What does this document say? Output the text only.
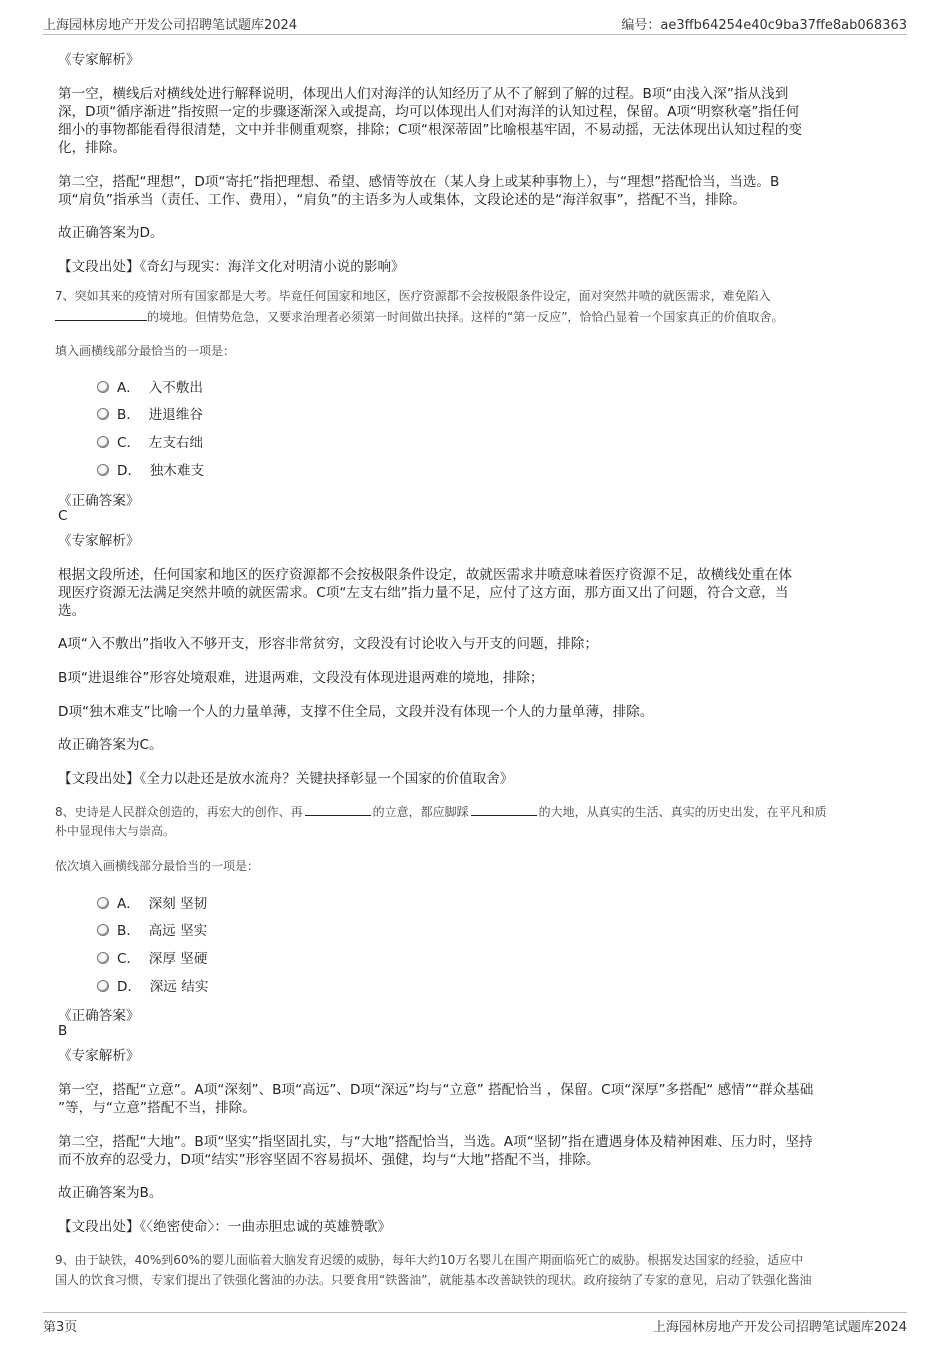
上海园林房地产开发公司招聘笔试题库2024	编号：ae3ffb64254e40c9ba37ffe8ab068363
《专家解析》
第一空，横线后对横线处进行解释说明，体现出人们对海洋的认知经历了从不了解到了解的过程。B项“由浅入深”指从浅到
深，D项“循序渐进”指按照一定的步骤逐渐深入或提高，均可以体现出人们对海洋的认知过程，保留。A项“明察秋毫”指任何
细小的事物都能看得很清楚，文中并非侧重观察，排除；C项“根深蒂固”比喻根基牢固，不易动摇，无法体现出认知过程的变
化，排除。
第二空，搭配“理想”，D项“寄托”指把理想、希望、感情等放在（某人身上或某种事物上），与“理想”搭配恰当，当选。B
项“肩负”指承当（责任、工作、费用），“肩负”的主语多为人或集体，文段论述的是“海洋叙事”，搭配不当，排除。
故正确答案为D。
【文段出处】《奇幻与现实：海洋文化对明清小说的影响》
7、突如其来的疫情对所有国家都是大考。毕竟任何国家和地区，医疗资源都不会按极限条件设定，面对突然井喷的就医需求，难免陷入
的境地。但情势危急，又要求治理者必须第一时间做出抉择。这样的“第一反应”，恰恰凸显着一个国家真正的价值取舍。
填入画横线部分最恰当的一项是：
A． 入不敷出
B． 进退维谷
C． 左支右绌
D． 独木难支
《正确答案》
C
《专家解析》
根据文段所述，任何国家和地区的医疗资源都不会按极限条件设定，故就医需求井喷意味着医疗资源不足，故横线处重在体
现医疗资源无法满足突然井喷的就医需求。C项“左支右绌”指力量不足，应付了这方面，那方面又出了问题，符合文意，当
选。
A项“入不敷出”指收入不够开支，形容非常贫穷，文段没有讨论收入与开支的问题，排除；
B项“进退维谷”形容处境艰难，进退两难，文段没有体现进退两难的境地，排除；
D项“独木难支”比喻一个人的力量单薄，支撑不住全局，文段并没有体现一个人的力量单薄，排除。
故正确答案为C。
【文段出处】《全力以赴还是放水流舟？关键抉择彰显一个国家的价值取舍》
8、史诗是人民群众创造的，再宏大的创作、再	的立意，都应脚踩	的大地，从真实的生活、真实的历史出发，在平凡和质
朴中显现伟大与崇高。
依次填入画横线部分最恰当的一项是：
A． 深刻 坚韧
B． 高远 坚实
C． 深厚 坚硬
D． 深远 结实
《正确答案》
B
《专家解析》
第一空，搭配“立意”。A项“深刻”、B项“高远”、D项“深远”均与“立意” 搭配恰当 ，保留。C项“深厚”多搭配“ 感情”“群众基础
”等，与“立意”搭配不当，排除。
第二空，搭配“大地”。B项“坚实”指坚固扎实，与“大地”搭配恰当，当选。A项“坚韧”指在遭遇身体及精神困难、压力时，坚持
而不放弃的忍受力，D项“结实”形容坚固不容易损坏、强健，均与“大地”搭配不当，排除。
故正确答案为B。
【文段出处】《〈绝密使命〉：一曲赤胆忠诚的英雄赞歌》
9、由于缺铁，40%到60%的婴儿面临着大脑发育迟缓的威胁，每年大约10万名婴儿在围产期面临死亡的威胁。根据发达国家的经验，适应中
国人的饮食习惯，专家们提出了铁强化酱油的办法。只要食用“铁酱油”，就能基本改善缺铁的现状。政府接纳了专家的意见，启动了铁强化酱油
第3页	上海园林房地产开发公司招聘笔试题库2024
